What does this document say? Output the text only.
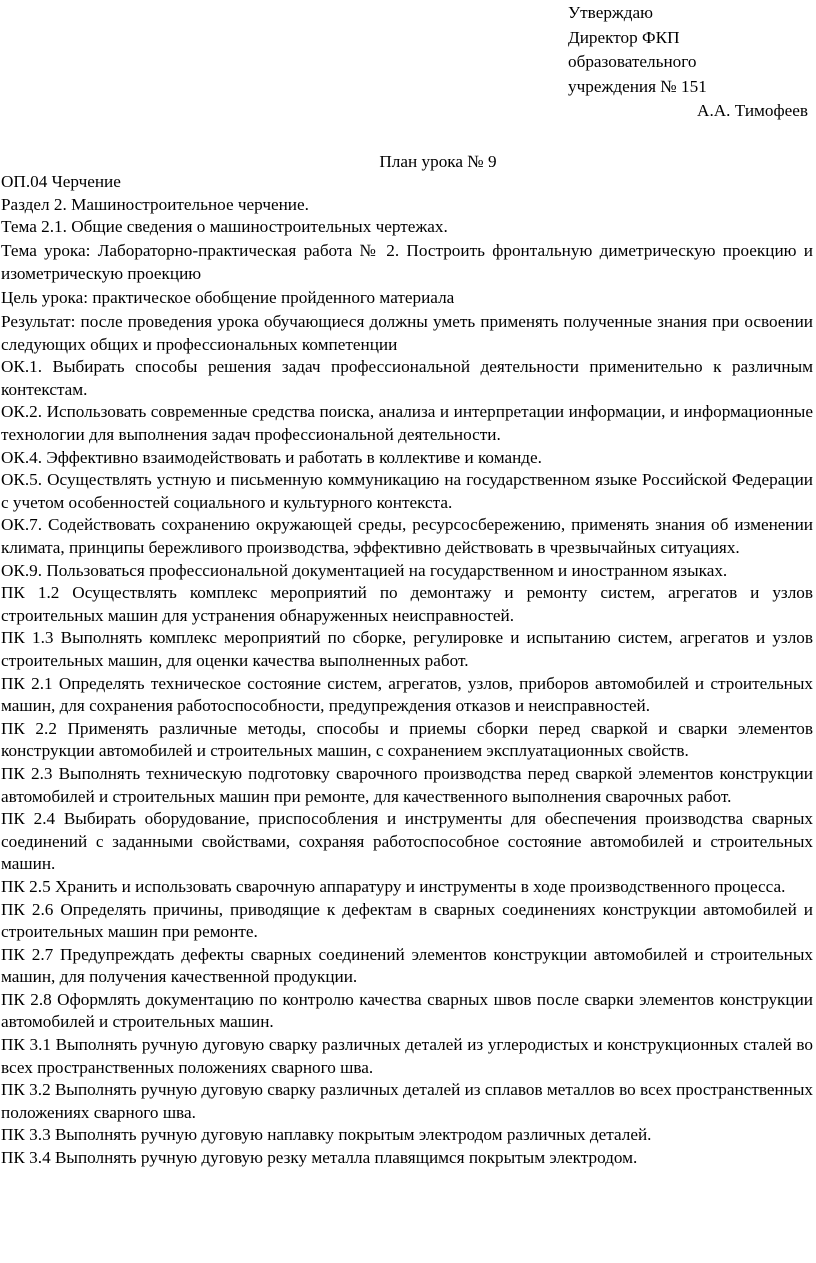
Утверждаю
Директор ФКП
образовательного
учреждения № 151
А.А. Тимофеев
План урока № 9

ОП.04 Черчение

Раздел 2. Машиностроительное черчение.

Тема 2.1. Общие сведения о машиностроительных чертежах.

Тема урока: Лабораторно-практическая работа № 2. Построить фронтальную диметрическую проекцию и изометрическую проекцию

Цель урока: практическое обобщение пройденного материала

Результат: после проведения урока обучающиеся должны уметь применять полученные знания при освоении следующих общих и профессиональных компетенции

ОК.1. Выбирать способы решения задач профессиональной деятельности применительно к различным контекстам.

ОК.2. Использовать современные средства поиска, анализа и интерпретации информации, и информационные технологии для выполнения задач профессиональной деятельности.

ОК.4. Эффективно взаимодействовать и работать в коллективе и команде.

ОК.5. Осуществлять устную и письменную коммуникацию на государственном языке Российской Федерации с учетом особенностей социального и культурного контекста.

ОК.7. Содействовать сохранению окружающей среды, ресурсосбережению, применять знания об изменении климата, принципы бережливого производства, эффективно действовать в чрезвычайных ситуациях.

ОК.9. Пользоваться профессиональной документацией на государственном и иностранном языках.

ПК 1.2 Осуществлять комплекс мероприятий по демонтажу и ремонту систем, агрегатов и узлов строительных машин для устранения обнаруженных неисправностей.

ПК 1.3 Выполнять комплекс мероприятий по сборке, регулировке и испытанию систем, агрегатов и узлов строительных машин, для оценки качества выполненных работ.

ПК 2.1 Определять техническое состояние систем, агрегатов, узлов, приборов автомобилей и строительных машин, для сохранения работоспособности, предупреждения отказов и неисправностей.

ПК 2.2 Применять различные методы, способы и приемы сборки перед сваркой и сварки элементов конструкции автомобилей и строительных машин, с сохранением эксплуатационных свойств.

ПК 2.3 Выполнять техническую подготовку сварочного производства перед сваркой элементов конструкции автомобилей и строительных машин при ремонте, для качественного выполнения сварочных работ.

ПК 2.4 Выбирать оборудование, приспособления и инструменты для обеспечения производства сварных соединений с заданными свойствами, сохраняя работоспособное состояние автомобилей и строительных машин.

ПК 2.5 Хранить и использовать сварочную аппаратуру и инструменты в ходе производственного процесса.

ПК 2.6 Определять причины, приводящие к дефектам в сварных соединениях конструкции автомобилей и строительных машин при ремонте.

ПК 2.7 Предупреждать дефекты сварных соединений элементов конструкции автомобилей и строительных машин, для получения качественной продукции.

ПК 2.8 Оформлять документацию по контролю качества сварных швов после сварки элементов конструкции автомобилей и строительных машин.

ПК 3.1 Выполнять ручную дуговую сварку различных деталей из углеродистых и конструкционных сталей во всех пространственных положениях сварного шва.

ПК 3.2 Выполнять ручную дуговую сварку различных деталей из сплавов металлов во всех пространственных положениях сварного шва.

ПК 3.3 Выполнять ручную дуговую наплавку покрытым электродом различных деталей.

ПК 3.4 Выполнять ручную дуговую резку металла плавящимся покрытым электродом.
